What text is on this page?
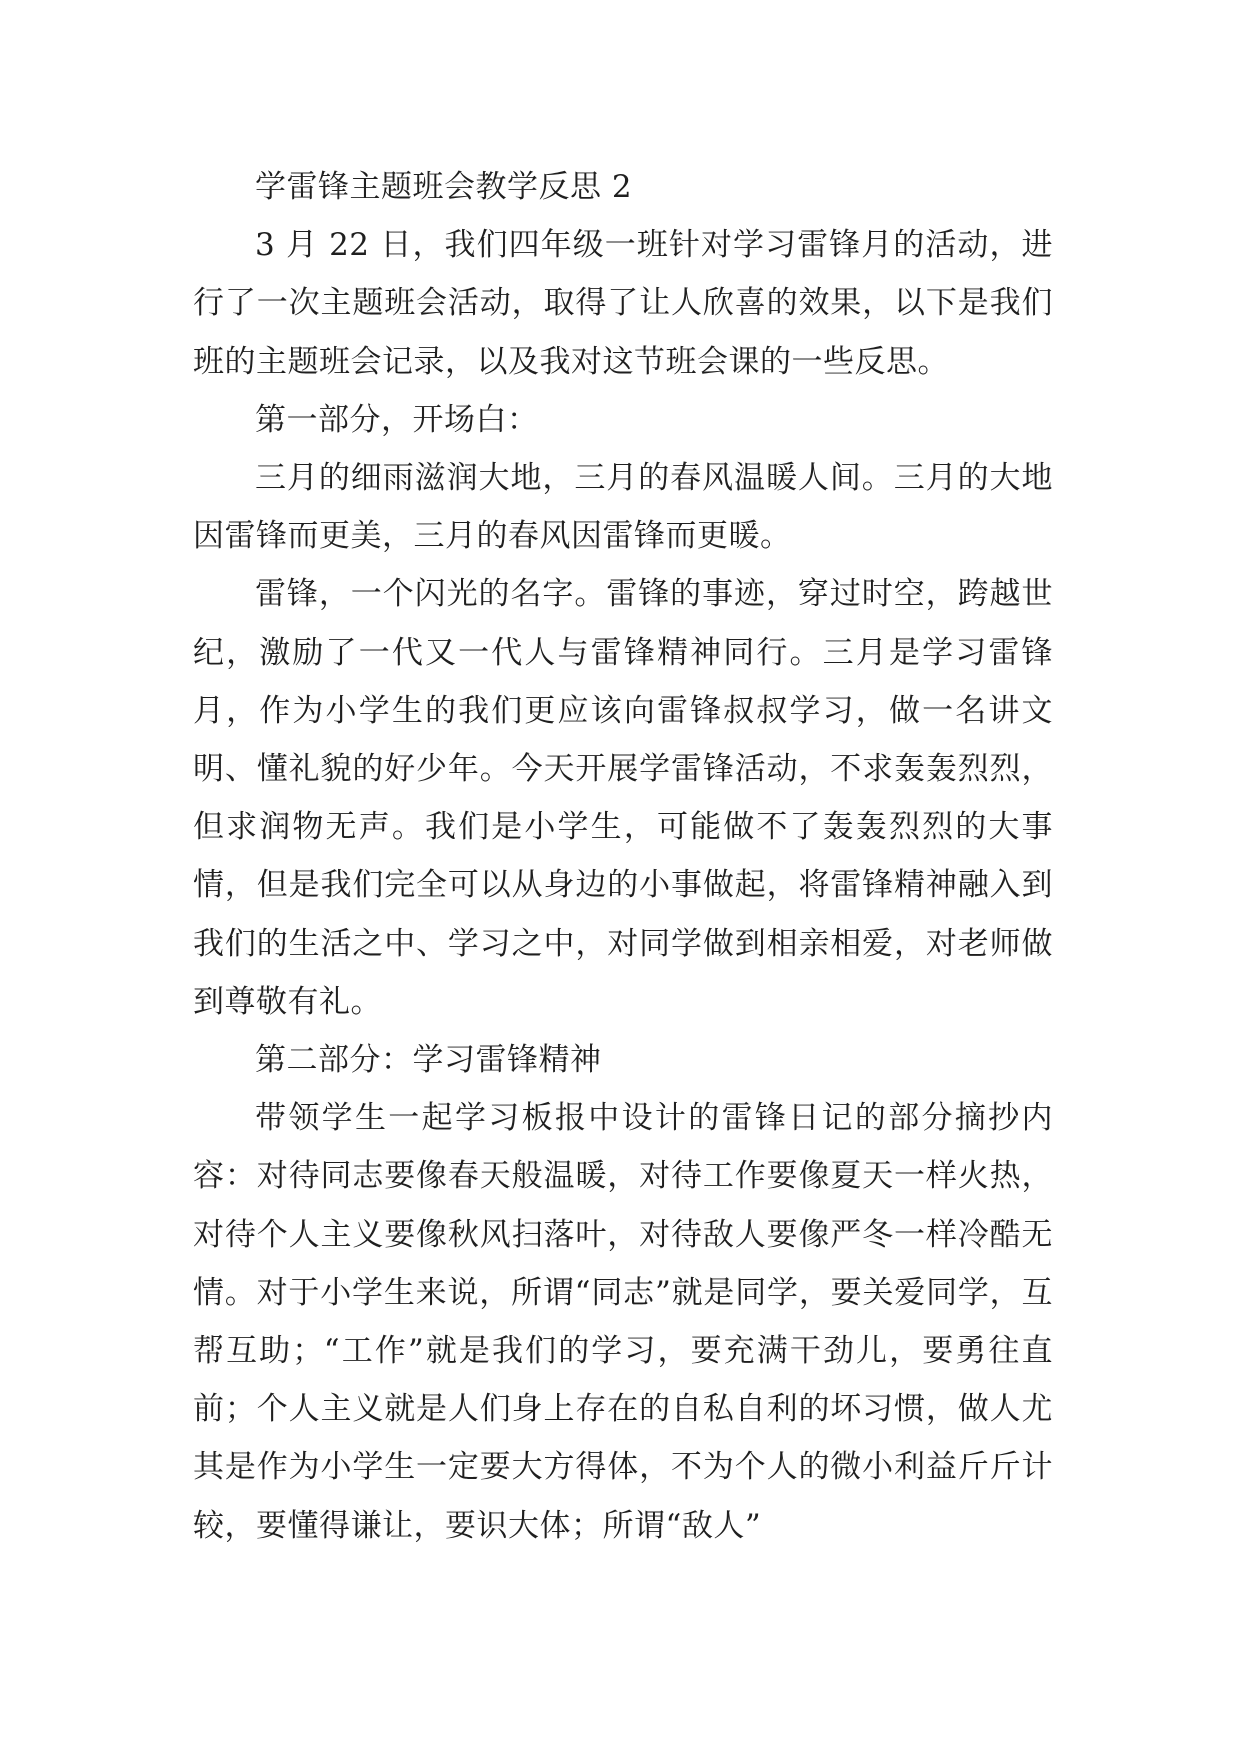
学雷锋主题班会教学反思 2

3 月 22 日，我们四年级一班针对学习雷锋月的活动，进行了一次主题班会活动，取得了让人欣喜的效果，以下是我们班的主题班会记录，以及我对这节班会课的一些反思。

第一部分，开场白：

三月的细雨滋润大地，三月的春风温暖人间。三月的大地因雷锋而更美，三月的春风因雷锋而更暖。

雷锋，一个闪光的名字。雷锋的事迹，穿过时空，跨越世纪，激励了一代又一代人与雷锋精神同行。三月是学习雷锋月，作为小学生的我们更应该向雷锋叔叔学习，做一名讲文明、懂礼貌的好少年。今天开展学雷锋活动，不求轰轰烈烈，但求润物无声。我们是小学生，可能做不了轰轰烈烈的大事情，但是我们完全可以从身边的小事做起，将雷锋精神融入到我们的生活之中、学习之中，对同学做到相亲相爱，对老师做到尊敬有礼。

第二部分：学习雷锋精神

带领学生一起学习板报中设计的雷锋日记的部分摘抄内容：对待同志要像春天般温暖，对待工作要像夏天一样火热，对待个人主义要像秋风扫落叶，对待敌人要像严冬一样冷酷无情。对于小学生来说，所谓“同志”就是同学，要关爱同学，互帮互助；“工作”就是我们的学习，要充满干劲儿，要勇往直前；个人主义就是人们身上存在的自私自利的坏习惯，做人尤其是作为小学生一定要大方得体，不为个人的微小利益斤斤计较，要懂得谦让，要识大体；所谓“敌人”
